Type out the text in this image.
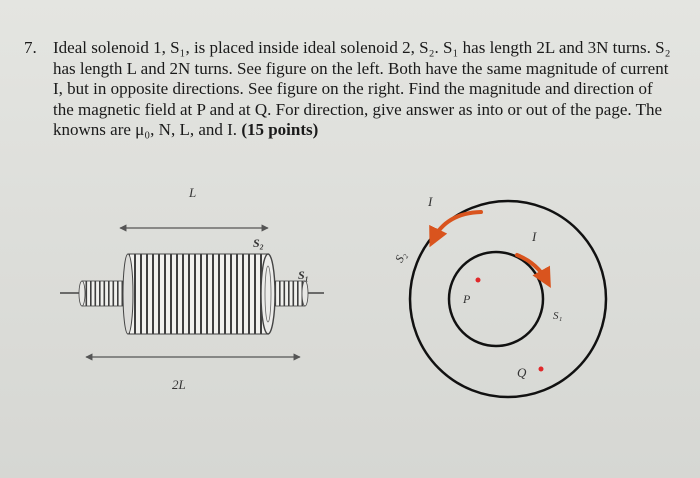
7. Ideal solenoid 1, S₁, is placed inside ideal solenoid 2, S₂. S₁ has length 2L and 3N turns. S₂ has length L and 2N turns. See figure on the left. Both have the same magnitude of current I, but in opposite directions. See figure on the right. Find the magnitude and direction of the magnetic field at P and at Q. For direction, give answer as into or out of the page. The knowns are μ₀, N, L, and I. (15 points)

L
S₂
S₁
2L
I
I
S₂
S₁
P
Q
